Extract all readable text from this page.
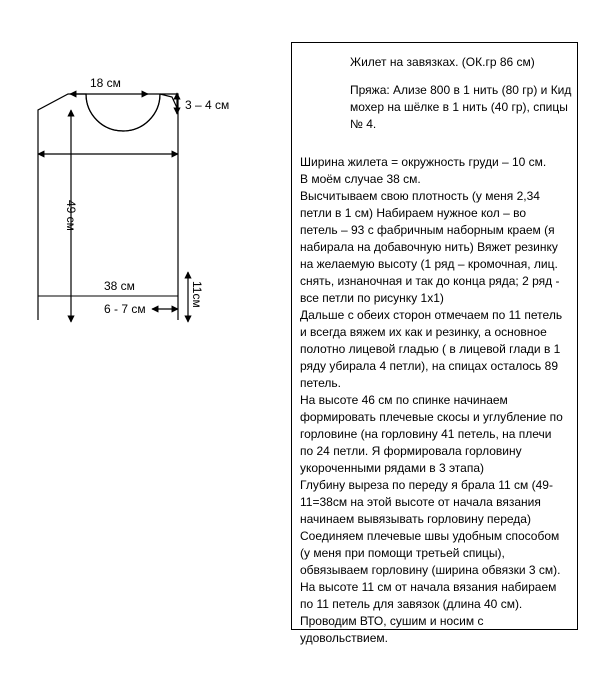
18 см
3 – 4 см
49 см
38 см	11см
6 - 7 см
Жилет на завязках. (ОК.гр 86 см)
Пряжа: Ализе 800 в 1 нить (80 гр) и Кид
мохер на шёлке в 1 нить (40 гр), спицы
№ 4.
Ширина жилета = окружность груди – 10 см.
В моём случае 38 см.
Высчитываем свою плотность (у меня 2,34
петли в 1 см) Набираем нужное кол – во
петель – 93 с фабричным наборным краем (я
набирала на добавочную нить) Вяжет резинку
на желаемую высоту (1 ряд – кромочная, лиц.
снять, изнаночная и так до конца ряда; 2 ряд -
все петли по рисунку 1х1)
Дальше с обеих сторон отмечаем по 11 петель
и всегда вяжем их как и резинку, а основное
полотно лицевой гладью ( в лицевой глади в 1
ряду убирала 4 петли), на спицах осталось 89
петель.
На высоте 46 см по спинке начинаем
формировать плечевые скосы и углубление по
горловине (на горловину 41 петель, на плечи
по 24 петли. Я формировала горловину
укороченными рядами в 3 этапа)
Глубину выреза по переду я брала 11 см (49-
11=38см на этой высоте от начала вязания
начинаем вывязывать горловину переда)
Соединяем плечевые швы удобным способом
(у меня при помощи третьей спицы),
обвязываем горловину (ширина обвязки 3 см).
На высоте 11 см от начала вязания набираем
по 11 петель для завязок (длина 40 см).
Проводим ВТО, сушим и носим с
удовольствием.
